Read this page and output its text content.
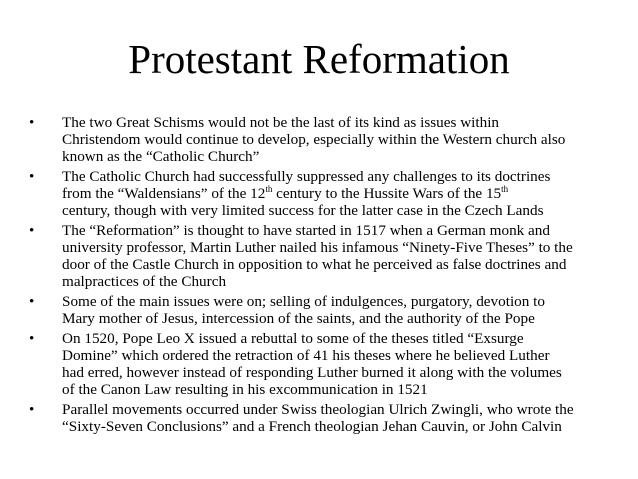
Protestant Reformation
•	The two Great Schisms would not be the last of its kind as issues within
Christendom would continue to develop, especially within the Western church also
known as the “Catholic Church”
•	The Catholic Church had successfully suppressed any challenges to its doctrines
from the “Waldensians” of the 12th century to the Hussite Wars of the 15th
century, though with very limited success for the latter case in the Czech Lands
•	The “Reformation” is thought to have started in 1517 when a German monk and
university professor, Martin Luther nailed his infamous “Ninety-Five Theses” to the
door of the Castle Church in opposition to what he perceived as false doctrines and
malpractices of the Church
•	Some of the main issues were on; selling of indulgences, purgatory, devotion to
Mary mother of Jesus, intercession of the saints, and the authority of the Pope
•	On 1520, Pope Leo X issued a rebuttal to some of the theses titled “Exsurge
Domine” which ordered the retraction of 41 his theses where he believed Luther
had erred, however instead of responding Luther burned it along with the volumes
of the Canon Law resulting in his excommunication in 1521
•	Parallel movements occurred under Swiss theologian Ulrich Zwingli, who wrote the
“Sixty-Seven Conclusions” and a French theologian Jehan Cauvin, or John Calvin
